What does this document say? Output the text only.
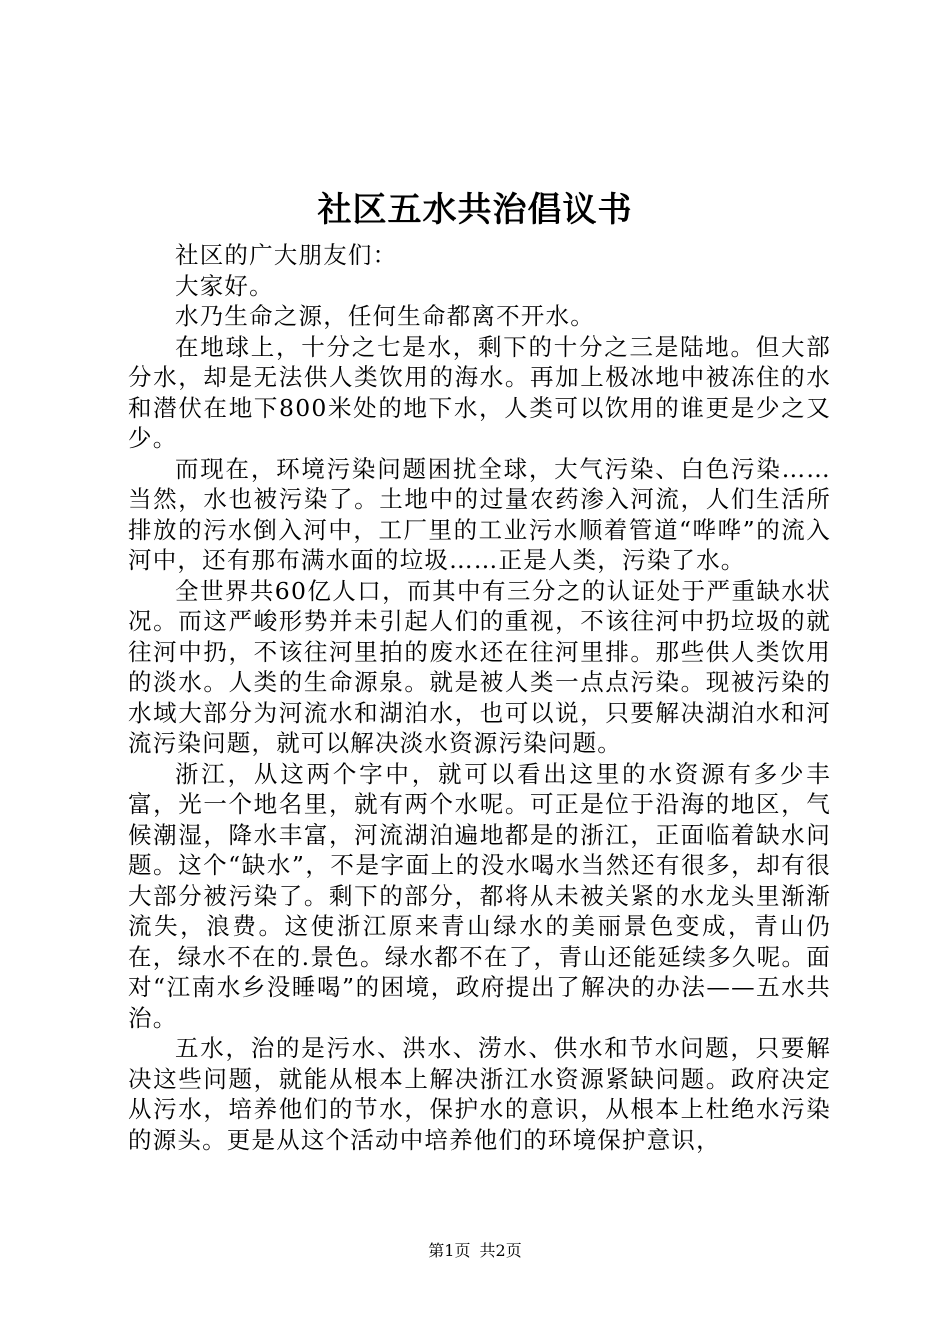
社区五水共治倡议书

社区的广大朋友们：

大家好。

水乃生命之源，任何生命都离不开水。

在地球上，十分之七是水，剩下的十分之三是陆地。但大部分水，却是无法供人类饮用的海水。再加上极冰地中被冻住的水和潜伏在地下800米处的地下水，人类可以饮用的谁更是少之又少。

而现在，环境污染问题困扰全球，大气污染、白色污染……当然，水也被污染了。土地中的过量农药渗入河流，人们生活所排放的污水倒入河中，工厂里的工业污水顺着管道“哗哗”的流入河中，还有那布满水面的垃圾……正是人类，污染了水。

全世界共60亿人口，而其中有三分之的认证处于严重缺水状况。而这严峻形势并未引起人们的重视，不该往河中扔垃圾的就往河中扔，不该往河里拍的废水还在往河里排。那些供人类饮用的淡水。人类的生命源泉。就是被人类一点点污染。现被污染的水域大部分为河流水和湖泊水，也可以说，只要解决湖泊水和河流污染问题，就可以解决淡水资源污染问题。

浙江，从这两个字中，就可以看出这里的水资源有多少丰富，光一个地名里，就有两个水呢。可正是位于沿海的地区，气候潮湿，降水丰富，河流湖泊遍地都是的浙江，正面临着缺水问题。这个“缺水”，不是字面上的没水喝水当然还有很多，却有很大部分被污染了。剩下的部分，都将从未被关紧的水龙头里渐渐流失，浪费。这使浙江原来青山绿水的美丽景色变成，青山仍在，绿水不在的.景色。绿水都不在了，青山还能延续多久呢。面对“江南水乡没睡喝”的困境，政府提出了解决的办法——五水共治。

五水，治的是污水、洪水、涝水、供水和节水问题，只要解决这些问题，就能从根本上解决浙江水资源紧缺问题。政府决定从污水，培养他们的节水，保护水的意识，从根本上杜绝水污染的源头。更是从这个活动中培养他们的环境保护意识，

第1页 共2页
